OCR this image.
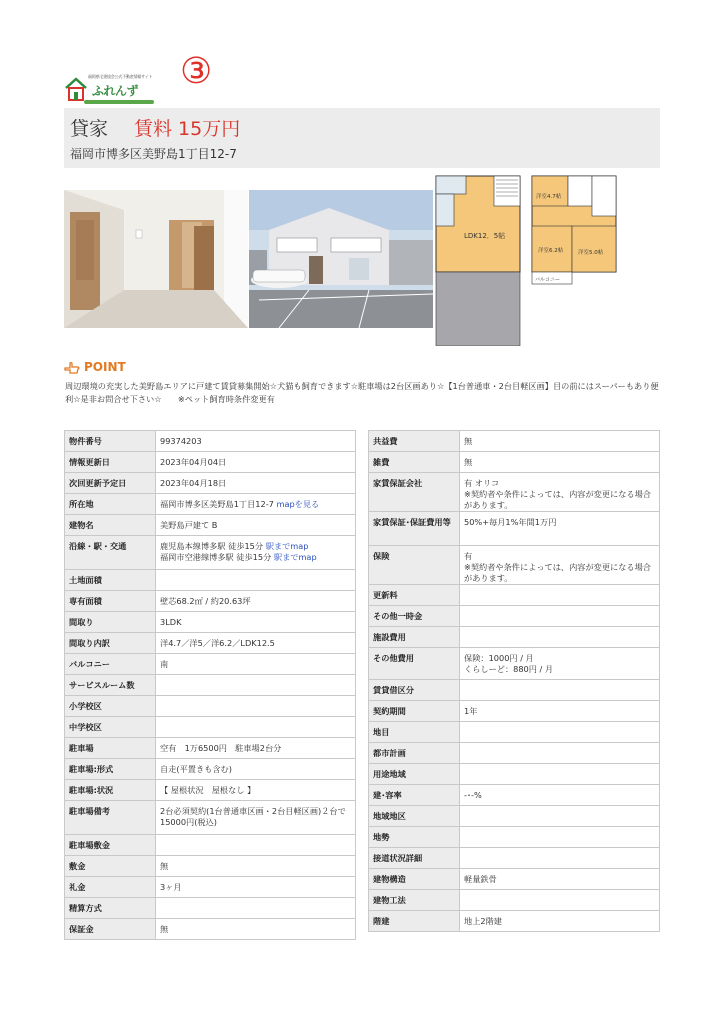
福岡県宅建協会公式不動産情報サイト
ふれんず ③
貸家 賃料 15万円
福岡市博多区美野島1丁目12-7
LDK12．5帖
洋室4.7帖
洋室6.2帖	洋室5.0帖
バルコニー
POINT
周辺環境の充実した美野島エリアに戸建て賃貸募集開始☆犬猫も飼育できます☆駐車場は2台区画あり☆【1台普通車・2台目軽区画】目の前にはスーパーもあり便利☆是非お問合せ下さい☆　　※ペット飼育時条件変更有
物件番号	99374203
情報更新日	2023年04月04日
次回更新予定日	2023年04月18日
所在地	福岡市博多区美野島1丁目12-7 mapを見る
建物名	美野島戸建て B
沿線・駅・交通	鹿児島本線博多駅 徒歩15分 駅までmap
福岡市空港線博多駅 徒歩15分 駅までmap
土地面積	
専有面積	壁芯68.2㎡ / 約20.63坪
間取り	3LDK
間取り内訳	洋4.7／洋5／洋6.2／LDK12.5
バルコニー	南
サービスルーム数	
小学校区	
中学校区	
駐車場	空有　1万6500円　駐車場2台分
駐車場:形式	自走(平置きも含む)
駐車場:状況	【 屋根状況　屋根なし 】
駐車場備考	2台必須契約(1台普通車区画・2台目軽区画)２台で15000円(税込)
駐車場敷金	
敷金	無
礼金	3ヶ月
精算方式	
保証金	無
共益費	無
雑費	無
家賃保証会社	有 オリコ
※契約者や条件によっては、内容が変更になる場合があります。
家賃保証･保証費用等	50%+毎月1%年間1万円
保険	有
※契約者や条件によっては、内容が変更になる場合があります。
更新料	
その他一時金	
施設費用	
その他費用	保険：1000円 / 月
くらしーど：880円 / 月
賃貸借区分	
契約期間	1年
地目	
都市計画	
用途地域	
建･容率	-･-%
地域地区	
地勢	
接道状況詳細	
建物構造	軽量鉄骨
建物工法	
階建	地上2階建
